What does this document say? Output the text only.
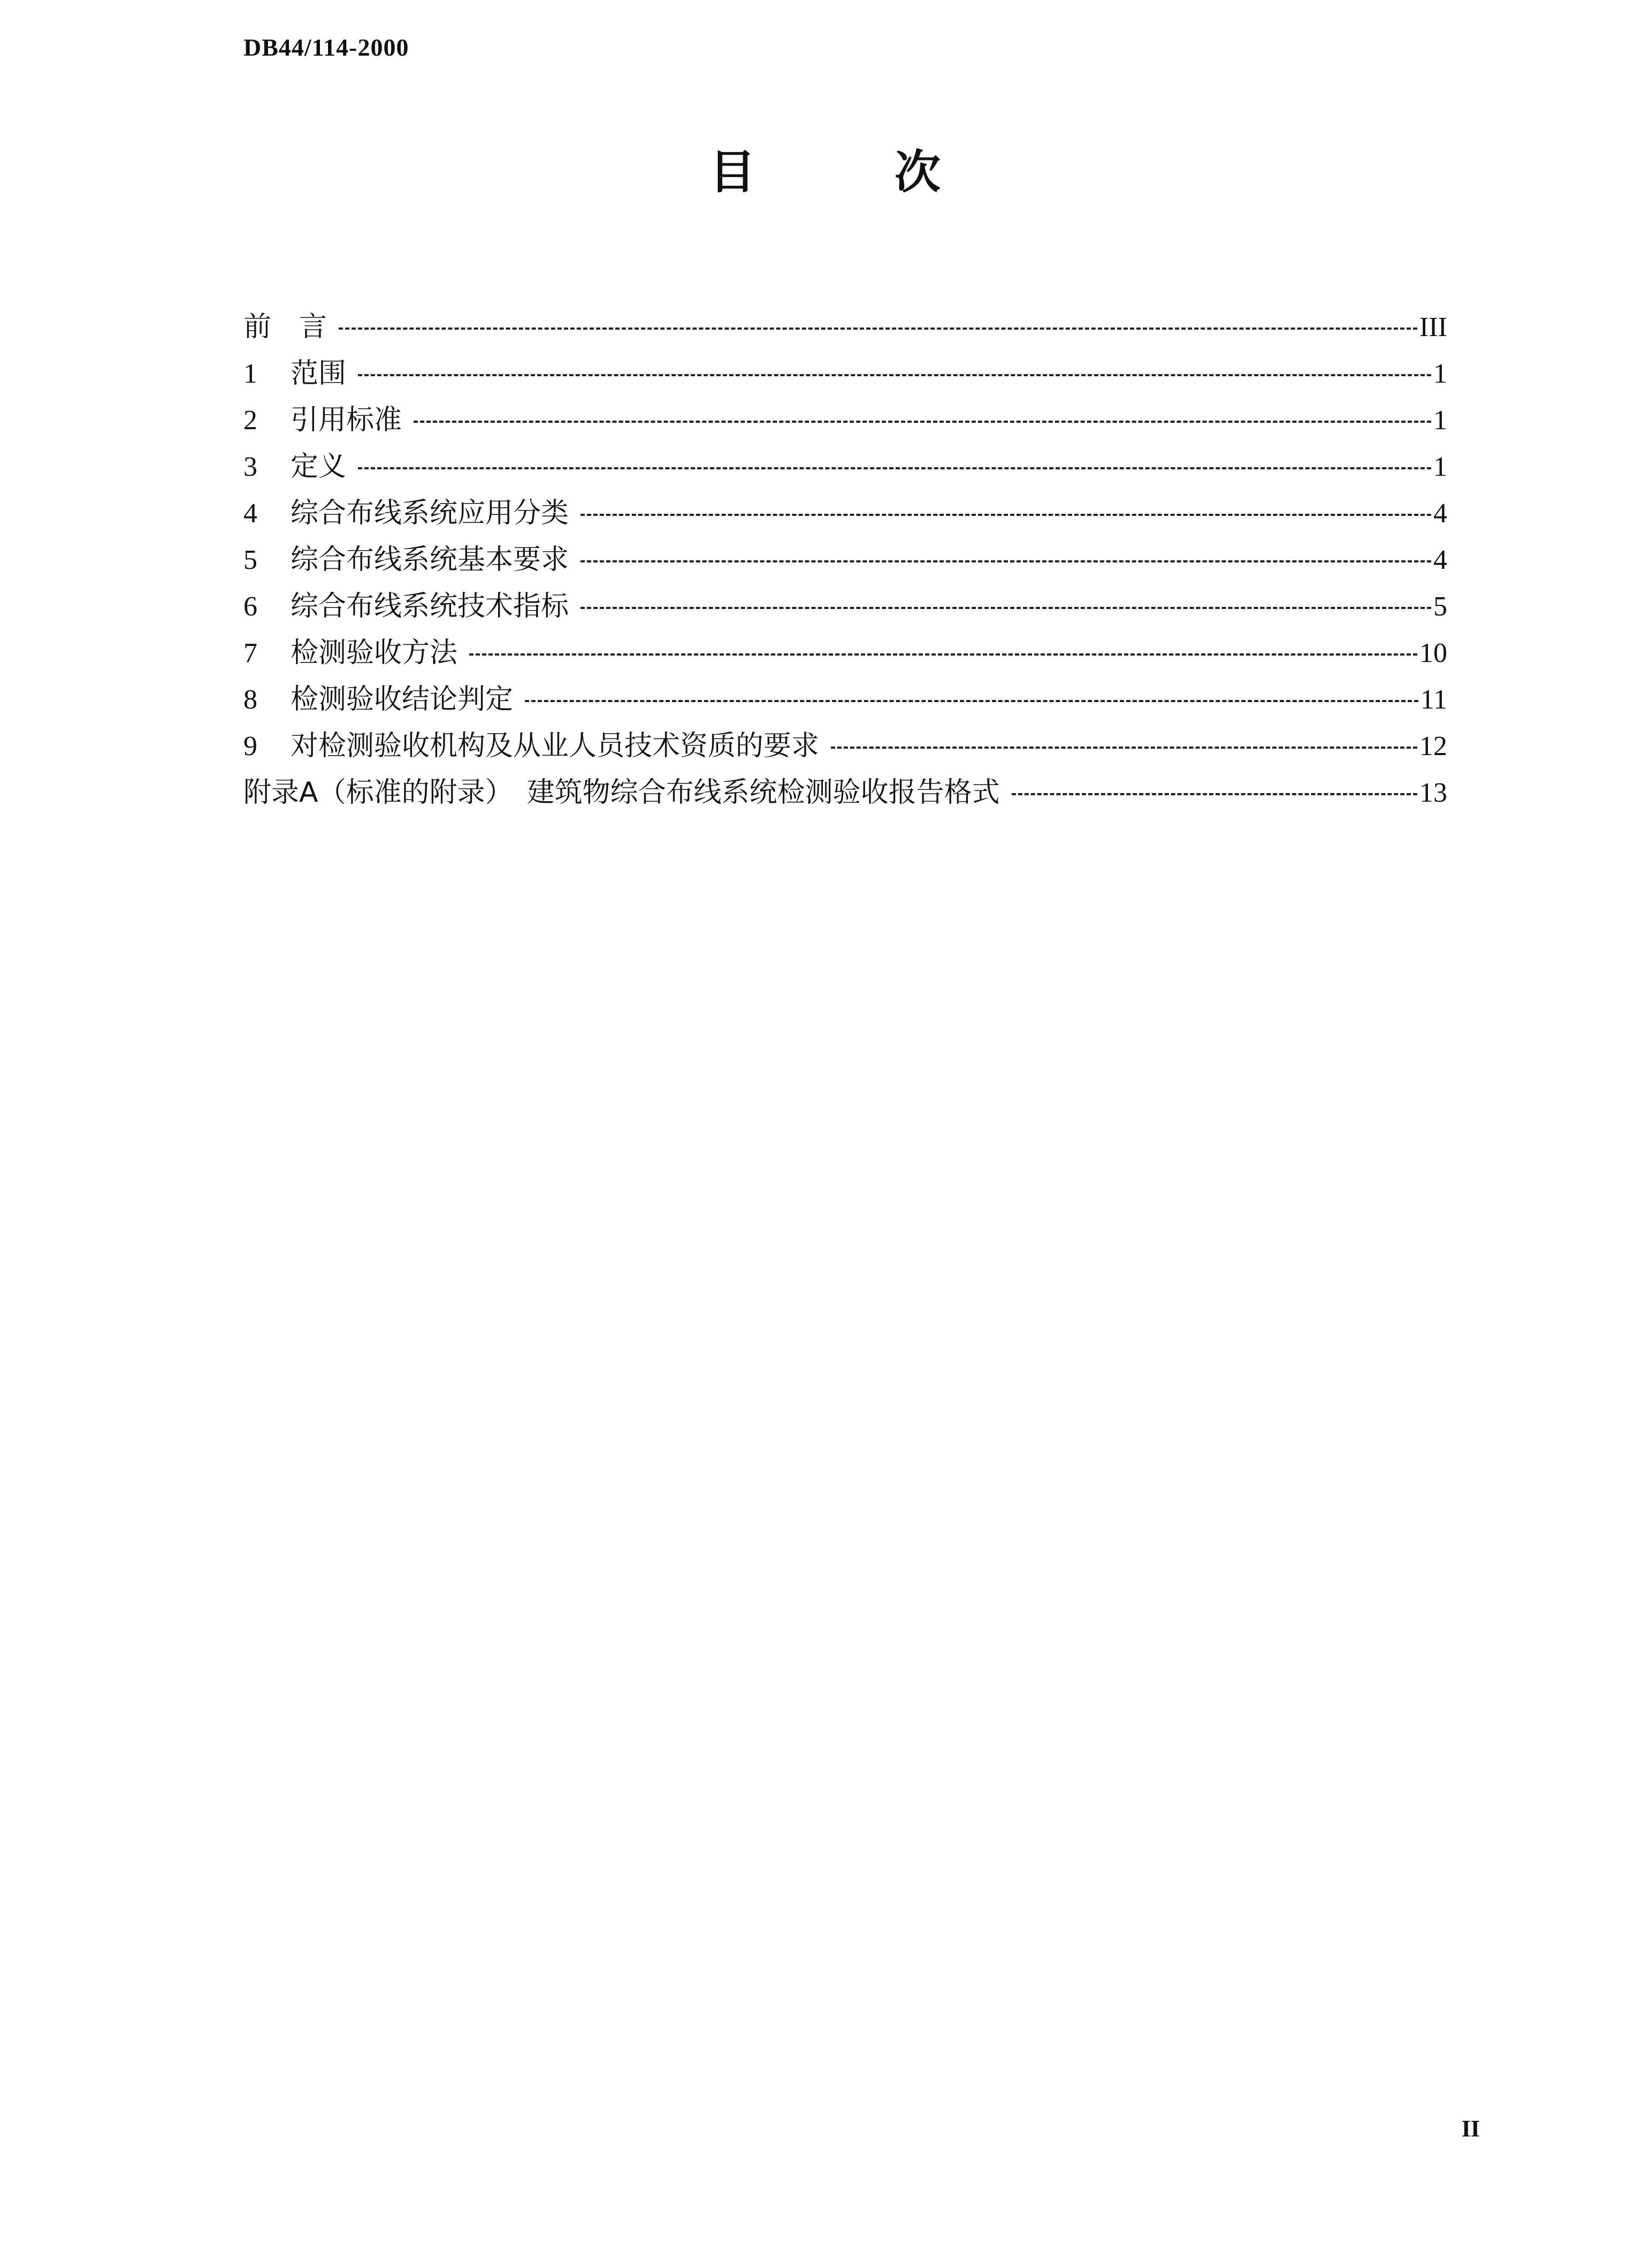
DB44/114-2000
目次
前　言	III
1	范围	1
2	引用标准	1
3	定义	1
4	综合布线系统应用分类	4
5	综合布线系统基本要求	4
6	综合布线系统技术指标	5
7	检测验收方法	10
8	检测验收结论判定	11
9	对检测验收机构及从业人员技术资质的要求	12
附录A（标准的附录）　建筑物综合布线系统检测验收报告格式	13
II
